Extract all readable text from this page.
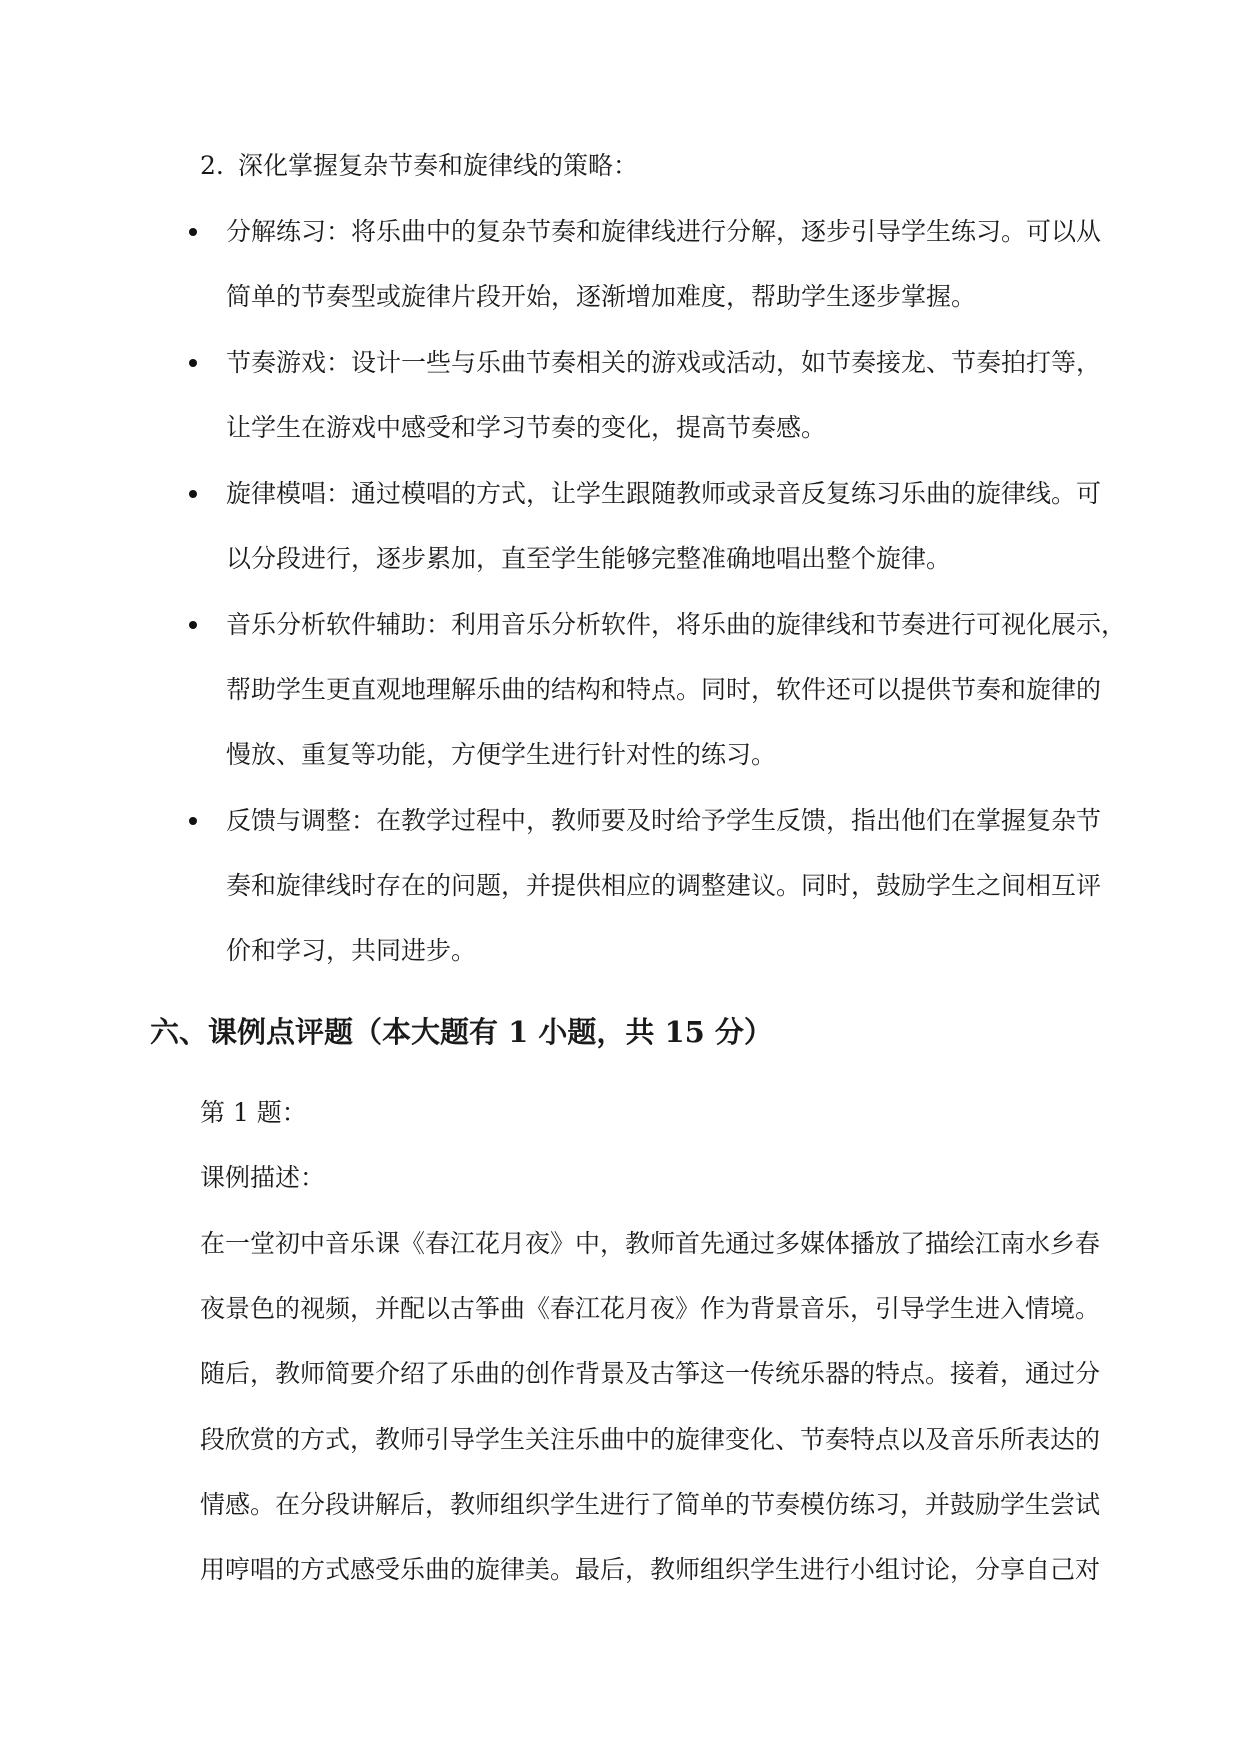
2. 深化掌握复杂节奏和旋律线的策略：
分解练习：将乐曲中的复杂节奏和旋律线进行分解，逐步引导学生练习。可以从
简单的节奏型或旋律片段开始，逐渐增加难度，帮助学生逐步掌握。
节奏游戏：设计一些与乐曲节奏相关的游戏或活动，如节奏接龙、节奏拍打等，
让学生在游戏中感受和学习节奏的变化，提高节奏感。
旋律模唱：通过模唱的方式，让学生跟随教师或录音反复练习乐曲的旋律线。可
以分段进行，逐步累加，直至学生能够完整准确地唱出整个旋律。
音乐分析软件辅助：利用音乐分析软件，将乐曲的旋律线和节奏进行可视化展示，
帮助学生更直观地理解乐曲的结构和特点。同时，软件还可以提供节奏和旋律的
慢放、重复等功能，方便学生进行针对性的练习。
反馈与调整：在教学过程中，教师要及时给予学生反馈，指出他们在掌握复杂节
奏和旋律线时存在的问题，并提供相应的调整建议。同时，鼓励学生之间相互评
价和学习，共同进步。
六、课例点评题（本大题有 1 小题，共 15 分）
第 1 题：
课例描述：
在一堂初中音乐课《春江花月夜》中，教师首先通过多媒体播放了描绘江南水乡春
夜景色的视频，并配以古筝曲《春江花月夜》作为背景音乐，引导学生进入情境。
随后，教师简要介绍了乐曲的创作背景及古筝这一传统乐器的特点。接着，通过分
段欣赏的方式，教师引导学生关注乐曲中的旋律变化、节奏特点以及音乐所表达的
情感。在分段讲解后，教师组织学生进行了简单的节奏模仿练习，并鼓励学生尝试
用哼唱的方式感受乐曲的旋律美。最后，教师组织学生进行小组讨论，分享自己对
